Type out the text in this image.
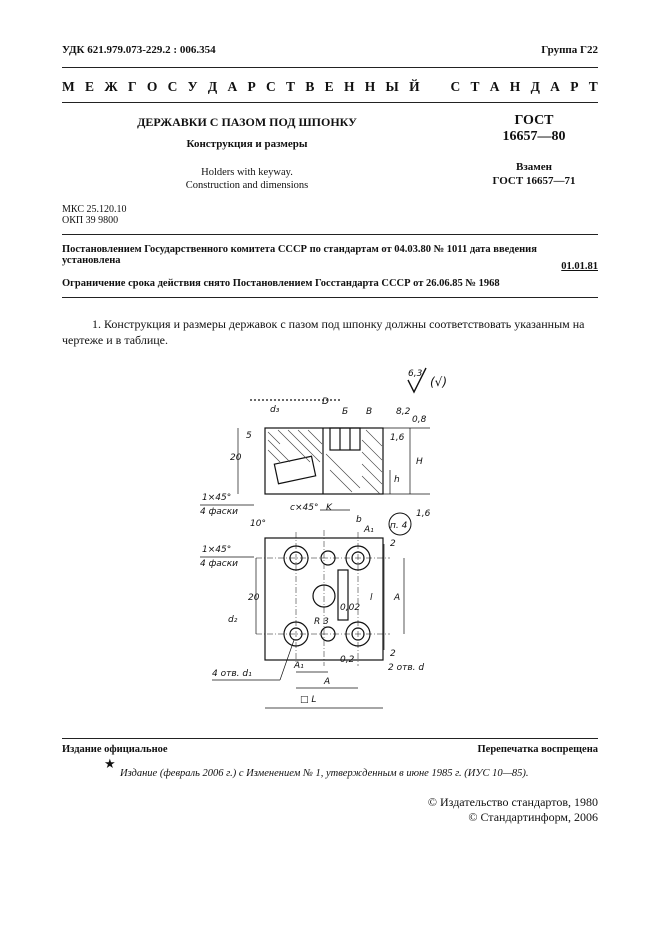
УДК 621.979.073-229.2 : 006.354	Группа Г22
М Е Ж Г О С У Д А Р С Т В Е Н Н Ы Й С Т А Н Д А Р Т
ДЕРЖАВКИ С ПАЗОМ ПОД ШПОНКУ
Конструкция и размеры
Holders with keyway.
Construction and dimensions
ГОСТ
16657—80
Взамен
ГОСТ 16657—71
МКС 25.120.10
ОКП 39 9800
Постановлением Государственного комитета СССР по стандартам от 04.03.80 № 1011 дата введения установлена
01.01.81
Ограничение срока действия снято Постановлением Госстандарта СССР от 26.06.85 № 1968
1. Конструкция и размеры державок с пазом под шпонку должны соответствовать указанным на чертеже и в таблице.
6,3
(√)
d₃
D
Б В	8,2
0,8
1,6
1,6
20
5
H
h
1×45°
4 фаски
10°
c×45° K
b
A₁ п. 4
1×45°
4 фаски
2
2
20	l A
d₂	R 3
0,02
0,2
A₁
A
□ L
4 отв. d₁
2 отв. d
Издание официальное	Перепечатка воспрещена
★
Издание (февраль 2006 г.) с Изменением № 1, утвержденным в июне 1985 г. (ИУС 10—85).
© Издательство стандартов, 1980
© Стандартинформ, 2006
